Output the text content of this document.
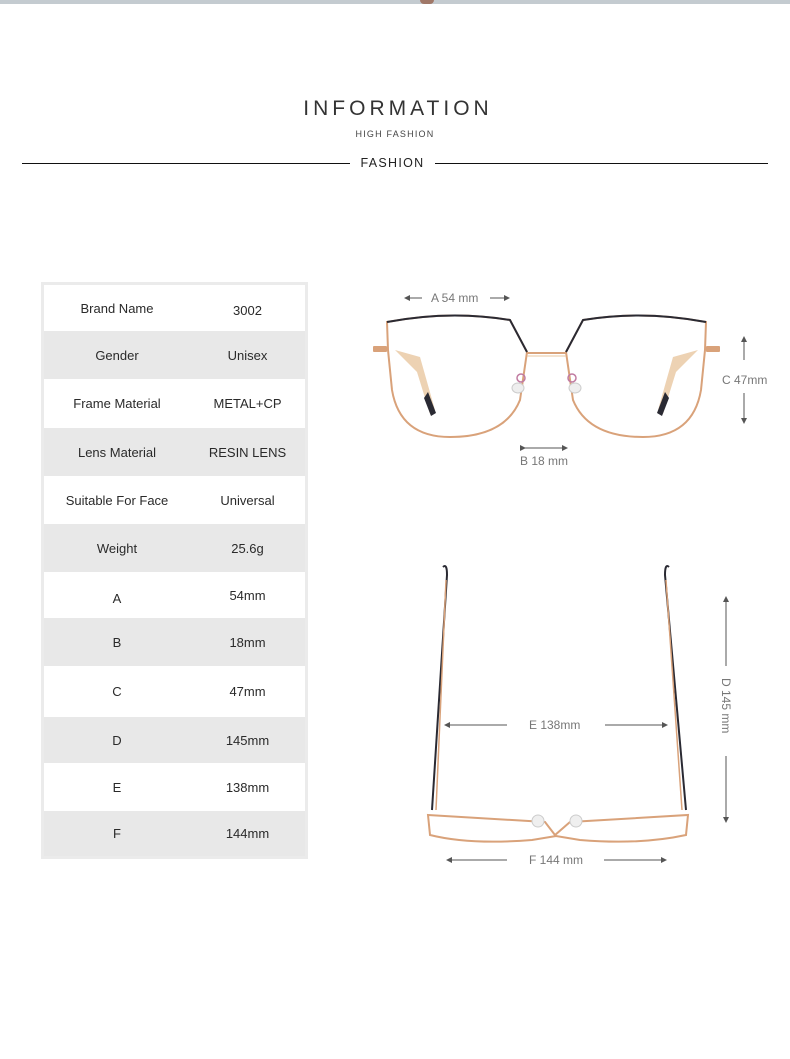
INFORMATION
HIGH FASHION
FASHION
Brand Name	3002
Gender	Unisex
Frame Material	METAL+CP
Lens Material	RESIN LENS
Suitable For Face	Universal
Weight	25.6g
A	54mm
B	18mm
C	47mm
D	145mm
E	138mm
F	144mm
A 54 mm
B 18 mm
C 47mm
D 145 mm
E 138mm
F 144 mm
